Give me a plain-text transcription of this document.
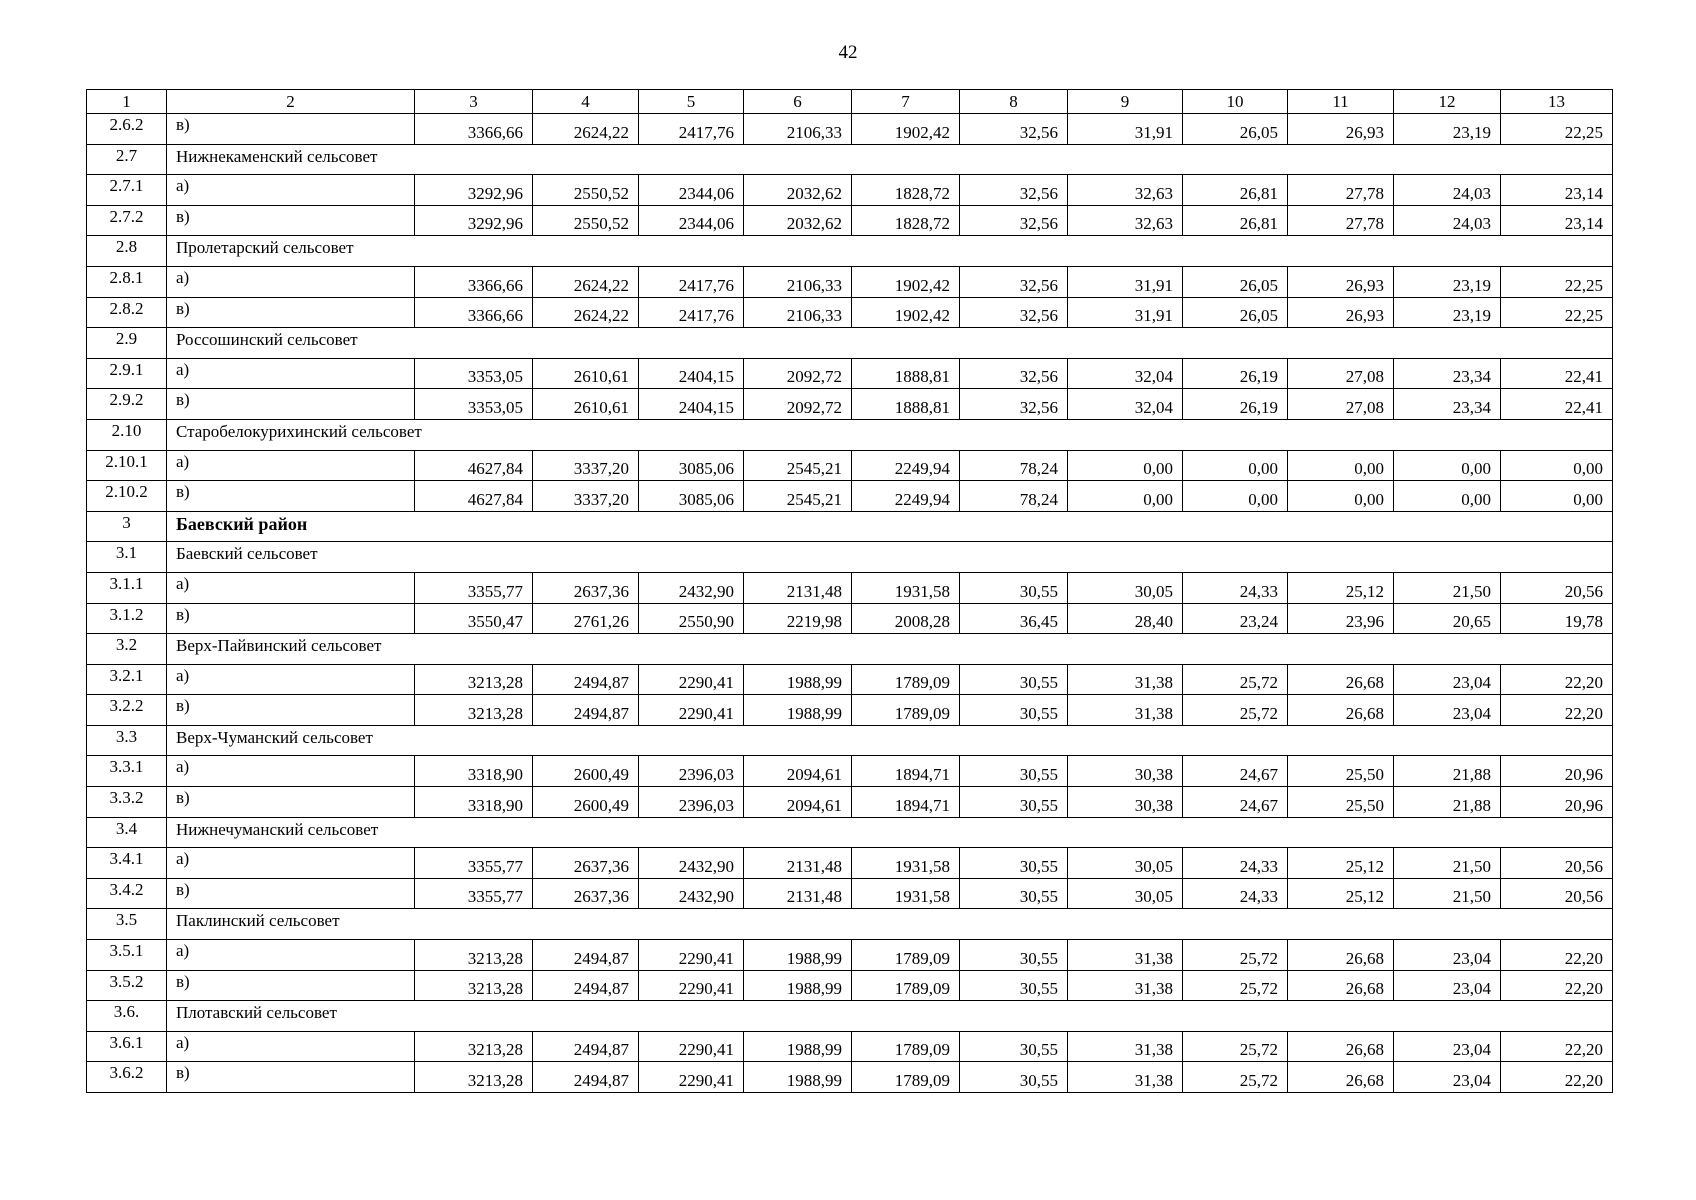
42
1	2	3	4	5	6	7	8	9	10	11	12	13
2.6.2	в)	3366,66	2624,22	2417,76	2106,33	1902,42	32,56	31,91	26,05	26,93	23,19	22,25
2.7	Нижнекаменский сельсовет											
2.7.1	а)	3292,96	2550,52	2344,06	2032,62	1828,72	32,56	32,63	26,81	27,78	24,03	23,14
2.7.2	в)	3292,96	2550,52	2344,06	2032,62	1828,72	32,56	32,63	26,81	27,78	24,03	23,14
2.8	Пролетарский сельсовет											
2.8.1	а)	3366,66	2624,22	2417,76	2106,33	1902,42	32,56	31,91	26,05	26,93	23,19	22,25
2.8.2	в)	3366,66	2624,22	2417,76	2106,33	1902,42	32,56	31,91	26,05	26,93	23,19	22,25
2.9	Россошинский сельсовет											
2.9.1	а)	3353,05	2610,61	2404,15	2092,72	1888,81	32,56	32,04	26,19	27,08	23,34	22,41
2.9.2	в)	3353,05	2610,61	2404,15	2092,72	1888,81	32,56	32,04	26,19	27,08	23,34	22,41
2.10	Старобелокурихинский сельсовет											
2.10.1	а)	4627,84	3337,20	3085,06	2545,21	2249,94	78,24	0,00	0,00	0,00	0,00	0,00
2.10.2	в)	4627,84	3337,20	3085,06	2545,21	2249,94	78,24	0,00	0,00	0,00	0,00	0,00
3	Баевский район											
3.1	Баевский сельсовет											
3.1.1	а)	3355,77	2637,36	2432,90	2131,48	1931,58	30,55	30,05	24,33	25,12	21,50	20,56
3.1.2	в)	3550,47	2761,26	2550,90	2219,98	2008,28	36,45	28,40	23,24	23,96	20,65	19,78
3.2	Верх-Пайвинский сельсовет											
3.2.1	а)	3213,28	2494,87	2290,41	1988,99	1789,09	30,55	31,38	25,72	26,68	23,04	22,20
3.2.2	в)	3213,28	2494,87	2290,41	1988,99	1789,09	30,55	31,38	25,72	26,68	23,04	22,20
3.3	Верх-Чуманский сельсовет											
3.3.1	а)	3318,90	2600,49	2396,03	2094,61	1894,71	30,55	30,38	24,67	25,50	21,88	20,96
3.3.2	в)	3318,90	2600,49	2396,03	2094,61	1894,71	30,55	30,38	24,67	25,50	21,88	20,96
3.4	Нижнечуманский сельсовет											
3.4.1	а)	3355,77	2637,36	2432,90	2131,48	1931,58	30,55	30,05	24,33	25,12	21,50	20,56
3.4.2	в)	3355,77	2637,36	2432,90	2131,48	1931,58	30,55	30,05	24,33	25,12	21,50	20,56
3.5	Паклинский сельсовет											
3.5.1	а)	3213,28	2494,87	2290,41	1988,99	1789,09	30,55	31,38	25,72	26,68	23,04	22,20
3.5.2	в)	3213,28	2494,87	2290,41	1988,99	1789,09	30,55	31,38	25,72	26,68	23,04	22,20
3.6.	Плотавский сельсовет											
3.6.1	а)	3213,28	2494,87	2290,41	1988,99	1789,09	30,55	31,38	25,72	26,68	23,04	22,20
3.6.2	в)	3213,28	2494,87	2290,41	1988,99	1789,09	30,55	31,38	25,72	26,68	23,04	22,20
